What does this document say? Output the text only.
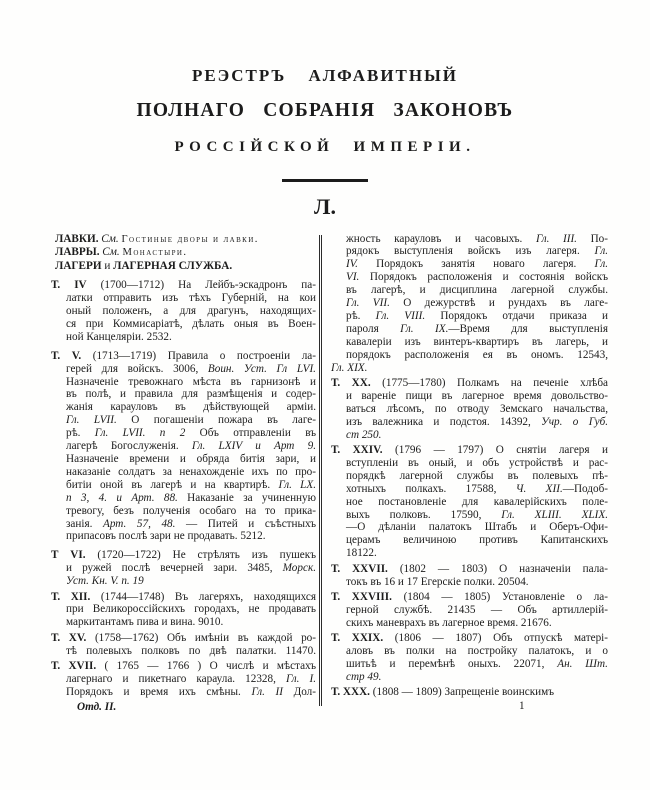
РЕЭСТРЪ АЛФАВИТНЫЙ
ПОЛНАГО СОБРАНІЯ ЗАКОНОВЪ
РОССІЙСКОЙ ИМПЕРІИ.
Л.
ЛАВКИ. См. Гостиные дворы и лавки.
ЛАВРЫ. См. Монастыри.
ЛАГЕРИ и ЛАГЕРНАЯ СЛУЖБА.
Т. IV (1700—1712) На Лейбъ-эскадронъ па-
латки отправить изъ тѣхъ Губерній, на кои
оный положенъ, а для драгунъ, находящих-
ся при Коммисаріатѣ, дѣлать оныя въ Воен-
ной Канцеляріи. 2532.
Т. V. (1713—1719) Правила о построеніи ла-
герей для войскъ. 3006, Воин. Уст. Гл LVI.
Назначеніе тревожнаго мѣста въ гарнизонѣ и
въ полѣ, и правила для размѣщенія и содер-
жанія карауловъ въ дѣйствующей арміи.
Гл. LVII. О погашеніи пожара въ лаге-
рѣ. Гл. LVII. п 2 Объ отправленіи въ
лагерѣ Богослуженія. Гл. LXIV и Арт 9.
Назначеніе времени и обряда битія зари, и
наказаніе солдатъ за ненахожденіе ихъ по про-
битіи оной въ лагерѣ и на квартирѣ. Гл. LX.
п 3, 4. и Арт. 88. Наказаніе за учиненную
тревогу, безъ полученія особаго на то прика-
занія. Арт. 57, 48. — Питей и съѣстныхъ
припасовъ послѣ зари не продавать. 5212.
Т VI. (1720—1722) Не стрѣлять изъ пушекъ
и ружей послѣ вечерней зари. 3485, Морск.
Уст. Кн. V. п. 19
Т. XII. (1744—1748) Въ лагеряхъ, находящихся
при Великороссійскихъ городахъ, не продавать
маркитантамъ пива и вина. 9010.
Т. XV. (1758—1762) Объ имѣніи въ каждой ро-
тѣ полевыхъ полковъ по двѣ палатки. 11470.
Т. XVII. ( 1765 — 1766 ) О числѣ и мѣстахъ
лагернаго и пикетнаго караула. 12328, Гл. I.
Порядокъ и время ихъ смѣны. Гл. II Дол-
Отд. II.
жность карауловъ и часовыхъ. Гл. III. По-
рядокъ выступленія войскъ изъ лагеря. Гл.
IV. Порядокъ занятія новаго лагеря. Гл.
VI. Порядокъ расположенія и состоянія войскъ
въ лагерѣ, и дисциплина лагерной службы.
Гл. VII. О дежурствѣ и рундахъ въ лаге-
рѣ. Гл. VIII. Порядокъ отдачи приказа и
пароля Гл. IX.—Время для выступленія
кавалеріи изъ винтеръ-квартиръ въ лагерь, и
порядокъ расположенія ея въ ономъ. 12543,
Гл. XIX.
Т. XX. (1775—1780) Полкамъ на печеніе хлѣба
и вареніе пищи въ лагерное время довольство-
ваться лѣсомъ, по отводу Земскаго начальства,
изъ валежника и подстоя. 14392, Учр. о Губ.
ст 250.
Т. XXIV. (1796 — 1797) О снятіи лагеря и
вступленіи въ оный, и объ устройствѣ и рас-
порядкѣ лагерной службы въ полевыхъ пѣ-
хотныхъ полкахъ. 17588, Ч. XII.—Подоб-
ное постановленіе для кавалерійскихъ поле-
выхъ полковъ. 17590, Гл. XLIII. XLIX.
—О дѣланіи палатокъ Штабъ и Оберъ-Офи-
церамъ величиною противъ Капитанскихъ
18122.
Т. XXVII. (1802 — 1803) О назначеніи пала-
токъ въ 16 и 17 Егерскіе полки. 20504.
Т. XXVIII. (1804 — 1805) Установленіе о ла-
герной службѣ. 21435 — Объ артиллерій-
скихъ маневрахъ въ лагерное время. 21676.
Т. XXIX. (1806 — 1807) Объ отпускѣ матері-
аловъ въ полки на постройку палатокъ, и о
шитьѣ и перемѣнѣ оныхъ. 22071, Ан. Шт.
стр 49.
Т. XXX. (1808 — 1809) Запрещеніе воинскимъ
1
